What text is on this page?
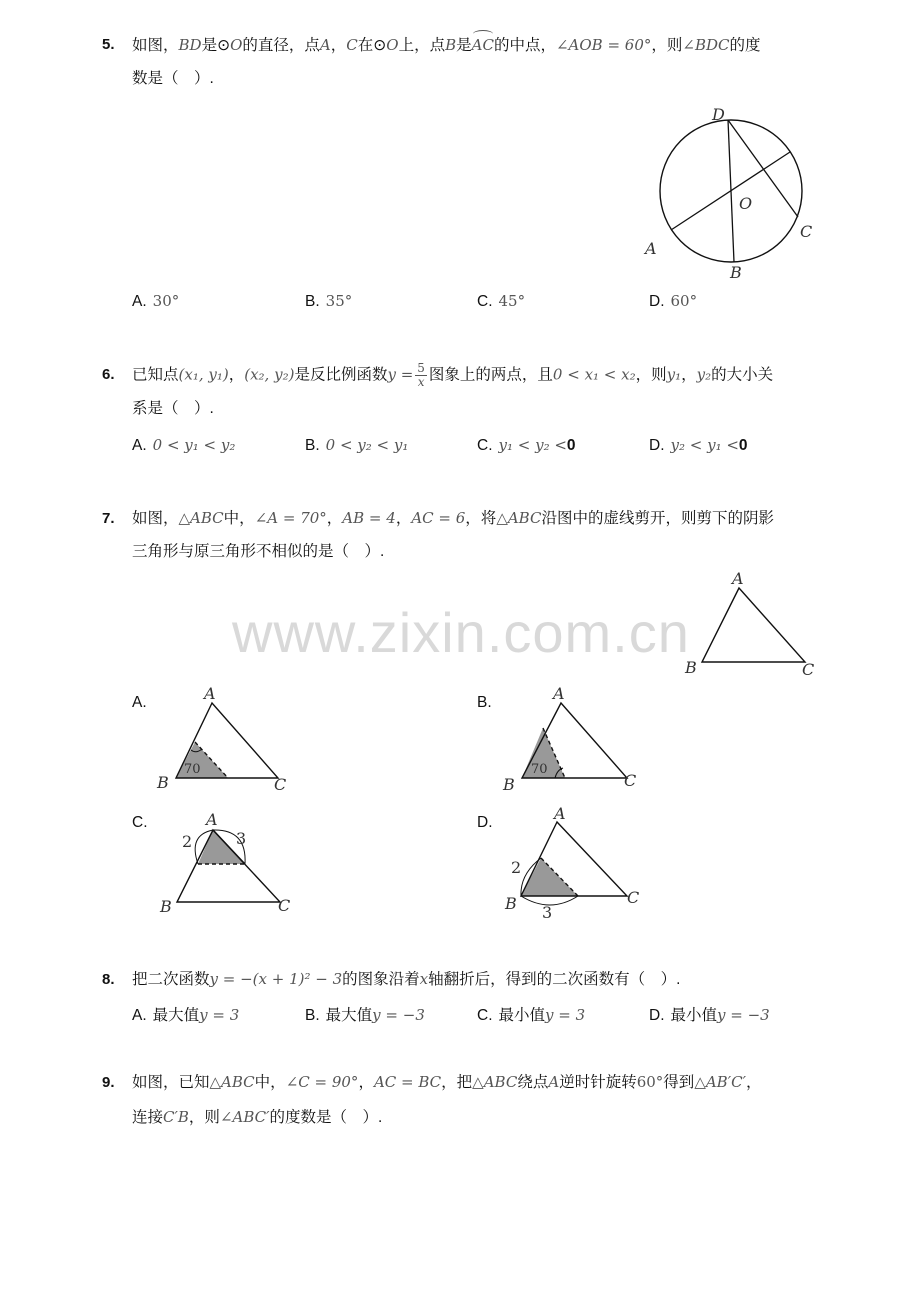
www.zixin.com.cn
5. 如图，BD是⊙O的直径，点A，C在⊙O上，点B是AC的中点，∠AOB = 60°，则∠BDC的度
数是（　）.
D
O
C
A
B
A. 30°	B. 35°	C. 45°	D. 60°
6. 已知点(x₁, y₁)，(x₂, y₂)是反比例函数$y = \frac{5}{x}$ 图象上的两点，且0 < x₁ < x₂，则y₁，y₂的大小关
系是（　）.
A. 0 < y₁ < y₂	B. 0 < y₂ < y₁	C. y₁ < y₂ <0	D. y₂ < y₁ <0
7. 如图，△ABC中，∠A = 70°，AB = 4，AC = 6，将△ABC沿图中的虚线剪开，则剪下的阴影
三角形与原三角形不相似的是（　）.
A
B	C
A.
70
A
B	C
B.
70
A
B	C
C.
2	3
A
B	C
D.
2
3
A
B	C
8. 把二次函数y = −(x + 1)² − 3的图象沿着x轴翻折后，得到的二次函数有（　）.
A. 最大值y = 3	B. 最大值y = −3	C. 最小值y = 3	D. 最小值y = −3
9. 如图，已知△ABC中，∠C = 90°，AC = BC，把△ABC绕点A逆时针旋转60°得到△AB′C′，
连接C′B，则∠ABC′的度数是（　）.
